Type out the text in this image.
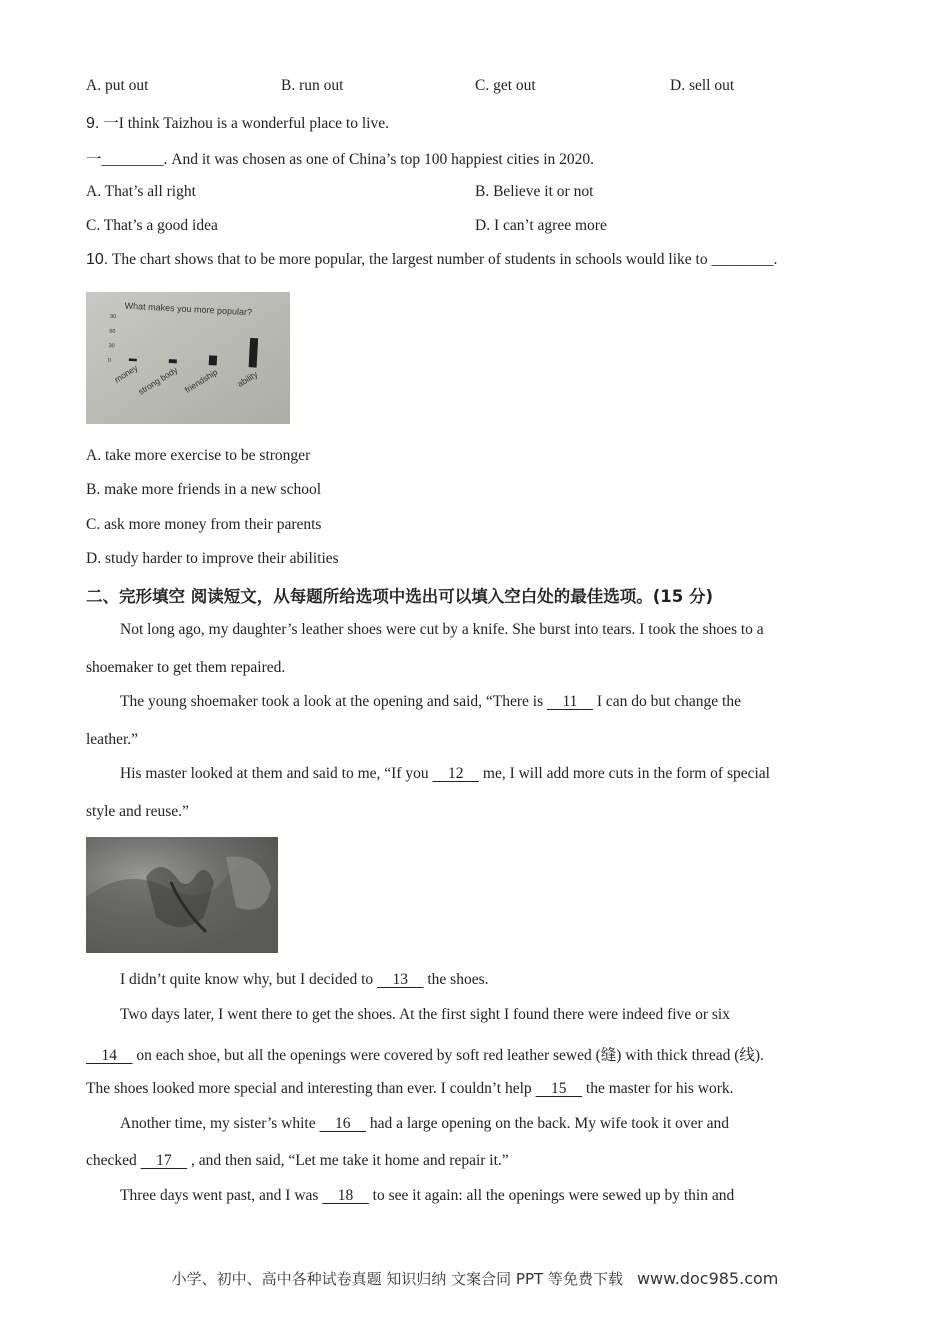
A. put out	B. run out	C. get out	D. sell out
9. 一I think Taizhou is a wonderful place to live.
一________. And it was chosen as one of China’s top 100 happiest cities in 2020.
A. That’s all right	B. Believe it or not
C. That’s a good idea	D. I can’t agree more
10. The chart shows that to be more popular, the largest number of students in schools would like to ________.
What makes you more popular?
90
60
30
0
money
strong body friendship ability
A. take more exercise to be stronger
B. make more friends in a new school
C. ask more money from their parents
D. study harder to improve their abilities
二、完形填空 阅读短文，从每题所给选项中选出可以填入空白处的最佳选项。(15 分)
Not long ago, my daughter’s leather shoes were cut by a knife. She burst into tears. I took the shoes to a
shoemaker to get them repaired.
The young shoemaker took a look at the opening and said, “There is     11     I can do but change the
leather.”
His master looked at them and said to me, “If you     12     me, I will add more cuts in the form of special
style and reuse.”
I didn’t quite know why, but I decided to     13     the shoes.
Two days later, I went there to get the shoes. At the first sight I found there were indeed five or six
14     on each shoe, but all the openings were covered by soft red leather sewed (缝) with thick thread (线).
The shoes looked more special and interesting than ever. I couldn’t help     15     the master for his work.
Another time, my sister’s white     16     had a large opening on the back. My wife took it over and
checked     17     , and then said, “Let me take it home and repair it.”
Three days went past, and I was     18     to see it again: all the openings were sewed up by thin and
小学、初中、高中各种试卷真题 知识归纳 文案合同 PPT 等免费下载 www.doc985.com
